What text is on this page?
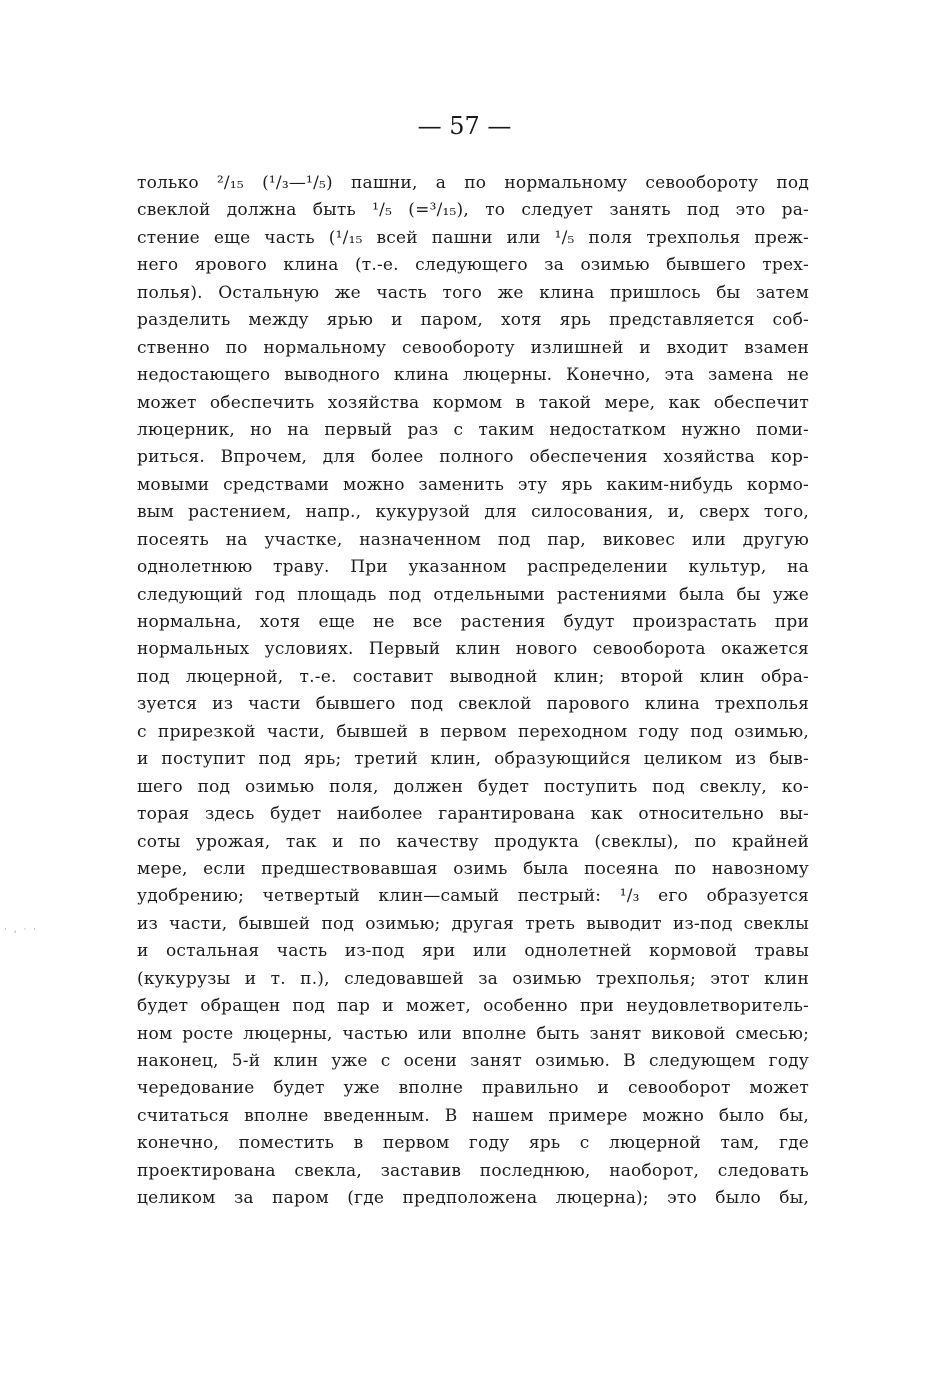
— 57 —
только ²/₁₅ (¹/₃—¹/₅) пашни, а по нормальному севообороту под
свеклой должна быть ¹/₅ (=³/₁₅), то следует занять под это ра-
стение еще часть (¹/₁₅ всей пашни или ¹/₅ поля трехполья преж-
него ярового клина (т.-е. следующего за озимью бывшего трех-
полья). Остальную же часть того же клина пришлось бы затем
разделить между ярью и паром, хотя ярь представляется соб-
ственно по нормальному севообороту излишней и входит взамен
недостающего выводного клина люцерны. Конечно, эта замена не
может обеспечить хозяйства кормом в такой мере, как обеспечит
люцерник, но на первый раз с таким недостатком нужно поми-
риться. Впрочем, для более полного обеспечения хозяйства кор-
мовыми средствами можно заменить эту ярь каким-нибудь кормо-
вым растением, напр., кукурузой для силосования, и, сверх того,
посеять на участке, назначенном под пар, виковес или другую
однолетнюю траву. При указанном распределении культур, на
следующий год площадь под отдельными растениями была бы уже
нормальна, хотя еще не все растения будут произрастать при
нормальных условиях. Первый клин нового севооборота окажется
под люцерной, т.-е. составит выводной клин; второй клин обра-
зуется из части бывшего под свеклой парового клина трехполья
с прирезкой части, бывшей в первом переходном году под озимью,
и поступит под ярь; третий клин, образующийся целиком из быв-
шего под озимью поля, должен будет поступить под свеклу, ко-
торая здесь будет наиболее гарантирована как относительно вы-
соты урожая, так и по качеству продукта (свеклы), по крайней
мере, если предшествовавшая озимь была посеяна по навозному
удобрению; четвертый клин—самый пестрый: ¹/₃ его образуется
из части, бывшей под озимью; другая треть выводит из-под свеклы
и остальная часть из-под яри или однолетней кормовой травы
(кукурузы и т. п.), следовавшей за озимью трехполья; этот клин
будет обращен под пар и может, особенно при неудовлетворитель-
ном росте люцерны, частью или вполне быть занят виковой смесью;
наконец, 5-й клин уже с осени занят озимью. В следующем году
чередование будет уже вполне правильно и севооборот может
считаться вполне введенным. В нашем примере можно было бы,
конечно, поместить в первом году ярь с люцерной там, где
проектирована свекла, заставив последнюю, наоборот, следовать
целиком за паром (где предположена люцерна); это было бы,
· , · ·
